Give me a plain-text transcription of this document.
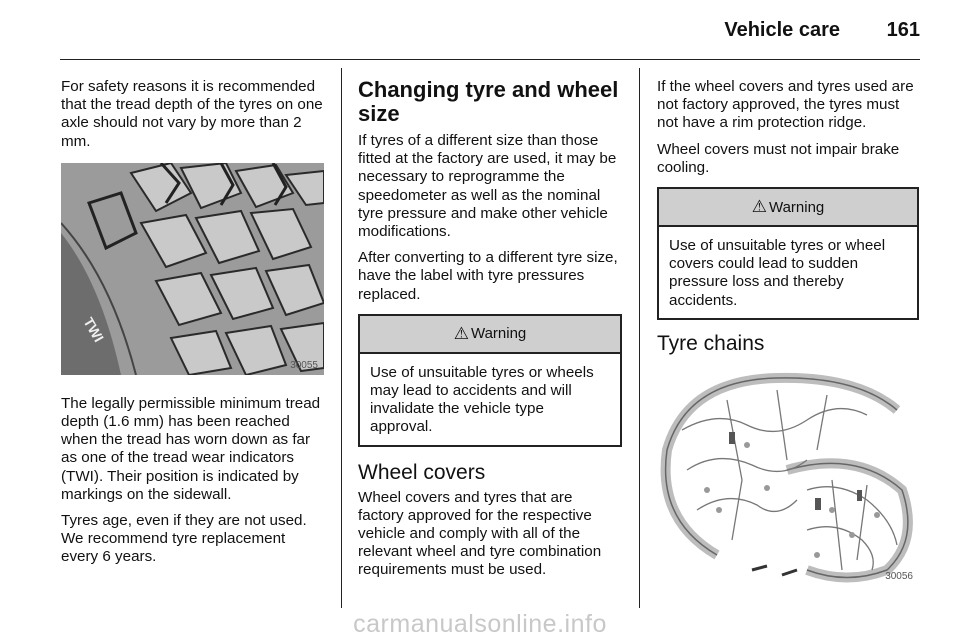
Vehicle care 161

For safety reasons it is recommended that the tread depth of the tyres on one axle should not vary by more than 2 mm.

TWI
30055

The legally permissible minimum tread depth (1.6 mm) has been reached when the tread has worn down as far as one of the tread wear indicators (TWI). Their position is indicated by markings on the sidewall.

Tyres age, even if they are not used. We recommend tyre replacement every 6 years.

Changing tyre and wheel size

If tyres of a different size than those fitted at the factory are used, it may be necessary to reprogramme the speedometer as well as the nominal tyre pressure and make other vehicle modifications.

After converting to a different tyre size, have the label with tyre pressures replaced.

⚠ Warning
Use of unsuitable tyres or wheels may lead to accidents and will invalidate the vehicle type approval.
Wheel covers

Wheel covers and tyres that are factory approved for the respective vehicle and comply with all of the relevant wheel and tyre combination requirements must be used.

If the wheel covers and tyres used are not factory approved, the tyres must not have a rim protection ridge.

Wheel covers must not impair brake cooling.

⚠ Warning
Use of unsuitable tyres or wheel covers could lead to sudden pressure loss and thereby accidents.
Tyre chains
30056
carmanualsonline.info
